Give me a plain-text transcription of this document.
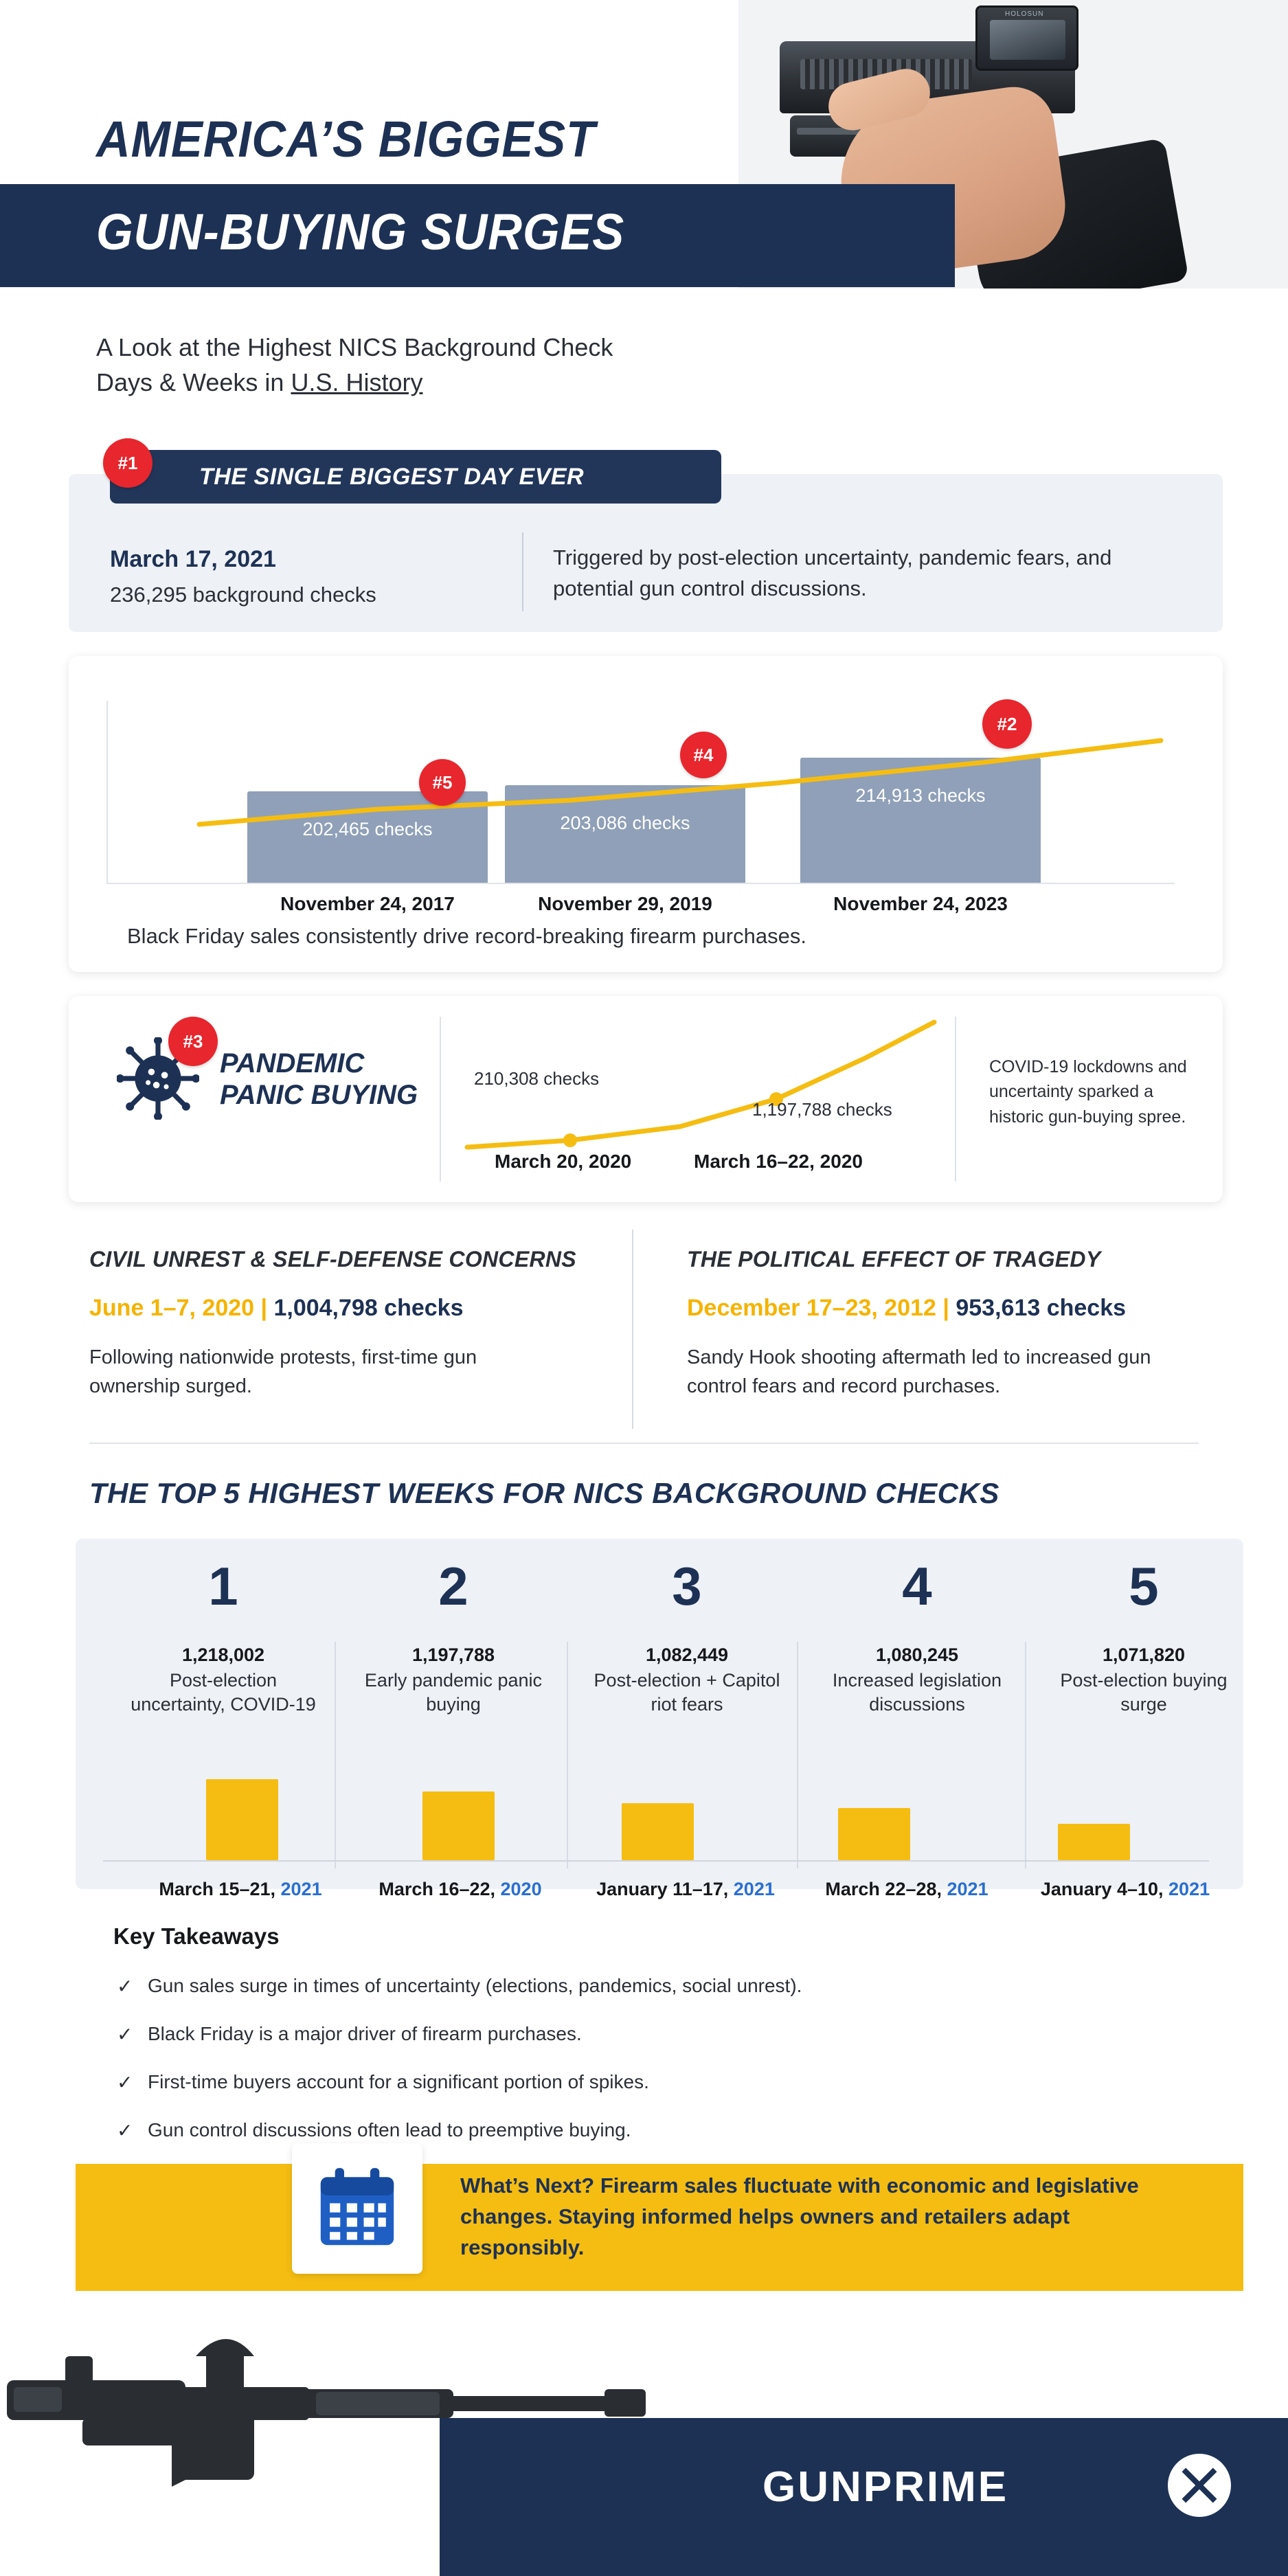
HOLOSUN
AMERICA’S BIGGEST
GUN-BUYING SURGES
A Look at the Highest NICS Background Check
Days & Weeks in U.S. History
THE SINGLE BIGGEST DAY EVER
#1
March 17, 2021
236,295 background checks
Triggered by post-election uncertainty, pandemic fears, and potential gun control discussions.
202,465 checks	203,086 checks
214,913 checks
#5
#4
#2
November 24, 2017	November 29, 2019	November 24, 2023
Black Friday sales consistently drive record-breaking firearm purchases.
#3
PANDEMIC
PANIC BUYING
210,308 checks
1,197,788 checks
March 20, 2020	March 16–22, 2020
COVID-19 lockdowns and uncertainty sparked a historic gun-buying spree.
CIVIL UNREST & SELF-DEFENSE CONCERNS
June 1–7, 2020 | 1,004,798 checks
Following nationwide protests, first-time gun ownership surged.
THE POLITICAL EFFECT OF TRAGEDY
December 17–23, 2012 | 953,613 checks
Sandy Hook shooting aftermath led to increased gun control fears and record purchases.
THE TOP 5 HIGHEST WEEKS FOR NICS BACKGROUND CHECKS
1
1,218,002
Post-election uncertainty, COVID-19
2
1,197,788
Early pandemic panic buying
3
1,082,449
Post-election + Capitol riot fears
4
1,080,245
Increased legislation discussions
5
1,071,820
Post-election buying surge
March 15–21, 2021	March 16–22, 2020	January 11–17, 2021	March 22–28, 2021	January 4–10, 2021
Key Takeaways
✓ Gun sales surge in times of uncertainty (elections, pandemics, social unrest).
✓ Black Friday is a major driver of firearm purchases.
✓ First-time buyers account for a significant portion of spikes.
✓ Gun control discussions often lead to preemptive buying.
What’s Next? Firearm sales fluctuate with economic and legislative changes. Staying informed helps owners and retailers adapt responsibly.
GUNPRIME
